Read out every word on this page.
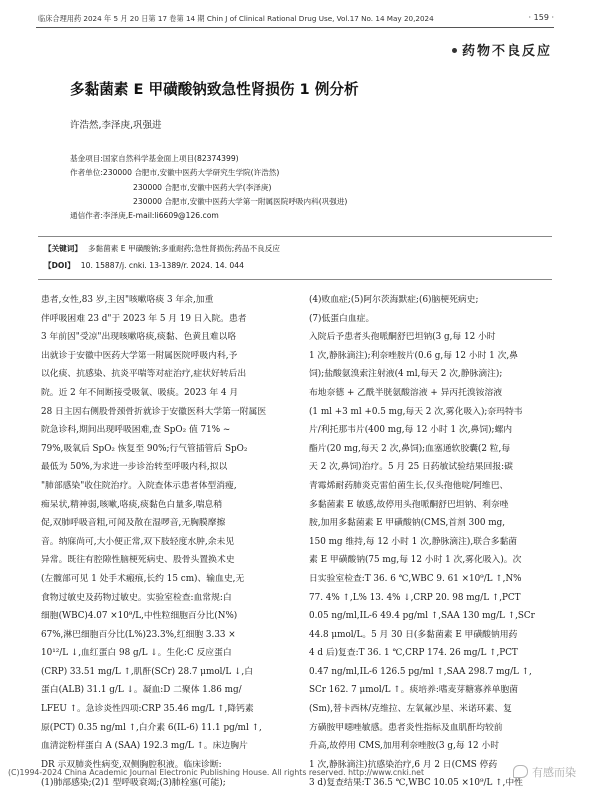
临床合理用药 2024 年 5 月 20 日第 17 卷第 14 期 Chin J of Clinical Rational Drug Use, Vol.17 No. 14 May 20,2024	· 159 ·
药物不良反应
多黏菌素 E 甲磺酸钠致急性肾损伤 1 例分析
许浩然,李泽庚,巩强进
基金项目:国家自然科学基金面上项目(82374399)
作者单位:230000 合肥市,安徽中医药大学研究生学院(许浩然)
230000 合肥市,安徽中医药大学(李泽庚)
230000 合肥市,安徽中医药大学第一附属医院呼吸内科(巩强进)
通信作者:李泽庚,E-mail:li6609@126.com
【关键词】 多黏菌素 E 甲磺酸钠;多重耐药;急性肾损伤;药品不良反应
【DOI】 10. 15887/j. cnki. 13-1389/r. 2024. 14. 044
患者,女性,83 岁,主因"咳嗽咯痰 3 年余,加重
伴呼吸困难 23 d"于 2023 年 5 月 19 日入院。患者
3 年前因"受凉"出现咳嗽咯痰,痰黏、色黄且难以咯
出就诊于安徽中医药大学第一附属医院呼吸内科,予
以化痰、抗感染、抗炎平喘等对症治疗,症状好转后出
院。近 2 年不间断接受吸氧、吸痰。2023 年 4 月
28 日主因右侧股骨颈骨折就诊于安徽医科大学第一附属医
院急诊科,期间出现呼吸困难,查 SpO₂ 值 71% ~
79%,吸氧后 SpO₂ 恢复至 90%;行气管插管后 SpO₂
最低为 50%,为求进一步诊治转至呼吸内科,拟以
"肺部感染"收住院治疗。入院查体示患者体型消瘦,
痴呆状,精神弱,咳嗽,咯痰,痰黏色白量多,喘息稍
促,双肺呼吸音粗,可闻及散在湿啰音,无胸膜摩擦
音。纳寐尚可,大小便正常,双下肢轻度水肿,余未见
异常。既往有腔隙性脑梗死病史、股骨头置换术史
(左髋部可见 1 处手术瘢痕,长约 15 cm)、输血史,无
食物过敏史及药物过敏史。实验室检查:血常规:白
细胞(WBC)4.07 ×10⁹/L,中性粒细胞百分比(N%)
67%,淋巴细胞百分比(L%)23.3%,红细胞 3.33 ×
10¹²/L ↓,血红蛋白 98 g/L ↓。生化:C 反应蛋白
(CRP) 33.51 mg/L ↑,肌酐(SCr) 28.7 μmol/L ↓,白
蛋白(ALB) 31.1 g/L ↓。凝血:D 二聚体 1.86 mg/
LFEU ↑。急诊炎性四项:CRP 35.46 mg/L ↑,降钙素
原(PCT) 0.35 ng/ml ↑,白介素 6(IL-6) 11.1 pg/ml ↑,
血清淀粉样蛋白 A (SAA) 192.3 mg/L ↑。床边胸片
DR 示双肺炎性病变,双侧胸腔积液。临床诊断:
(1)肺部感染;(2)1 型呼吸衰竭;(3)肺栓塞(可能);
(4)败血症;(5)阿尔茨海默症;(6)脑梗死病史;
(7)低蛋白血症。
入院后予患者头孢哌酮舒巴坦钠(3 g,每 12 小时
1 次,静脉滴注);利奈唑胺片(0.6 g,每 12 小时 1 次,鼻
饲);盐酸氨溴索注射液(4 ml,每天 2 次,静脉滴注);
布地奈德 + 乙酰半胱氨酸溶液 + 异丙托溴铵溶液
(1 ml +3 ml +0.5 mg,每天 2 次,雾化吸入);奈玛特韦
片/利托那韦片(400 mg,每 12 小时 1 次,鼻饲);螺内
酯片(20 mg,每天 2 次,鼻饲);血塞通软胶囊(2 粒,每
天 2 次,鼻饲)治疗。5 月 25 日药敏试验结果回报:碳
青霉烯耐药肺炎克雷伯菌生长,仅头孢他啶/阿维巴、
多黏菌素 E 敏感,故停用头孢哌酮舒巴坦钠、利奈唑
胺,加用多黏菌素 E 甲磺酸钠(CMS,首剂 300 mg,
150 mg 维持,每 12 小时 1 次,静脉滴注),联合多黏菌
素 E 甲磺酸钠(75 mg,每 12 小时 1 次,雾化吸入)。次
日实验室检查:T 36. 6 ℃,WBC 9. 61 ×10⁹/L ↑,N%
77. 4% ↑,L% 13. 4% ↓,CRP 20. 98 mg/L ↑,PCT
0.05 ng/ml,IL-6 49.4 pg/ml ↑,SAA 130 mg/L ↑,SCr
44.8 μmol/L。5 月 30 日(多黏菌素 E 甲磺酸钠用药
4 d 后)复查:T 36. 1 ℃,CRP 174. 26 mg/L ↑,PCT
0.47 ng/ml,IL-6 126.5 pg/ml ↑,SAA 298.7 mg/L ↑,
SCr 162. 7 μmol/L ↑。痰培养:嗜麦芽糖寡养单胞菌
(Sm),替卡西林/克维拉、左氧氟沙星、米诺环素、复
方磺胺甲噁唑敏感。患者炎性指标及血肌酐均较前
升高,故停用 CMS,加用利奈唑胺(3 g,每 12 小时
1 次,静脉滴注)抗感染治疗,6 月 2 日(CMS 停药
3 d)复查结果:T 36.5 ℃,WBC 10.05 ×10⁹/L ↑,中性
(C)1994-2024 China Academic Journal Electronic Publishing House. All rights reserved. http://www.cnki.net	有感而染
